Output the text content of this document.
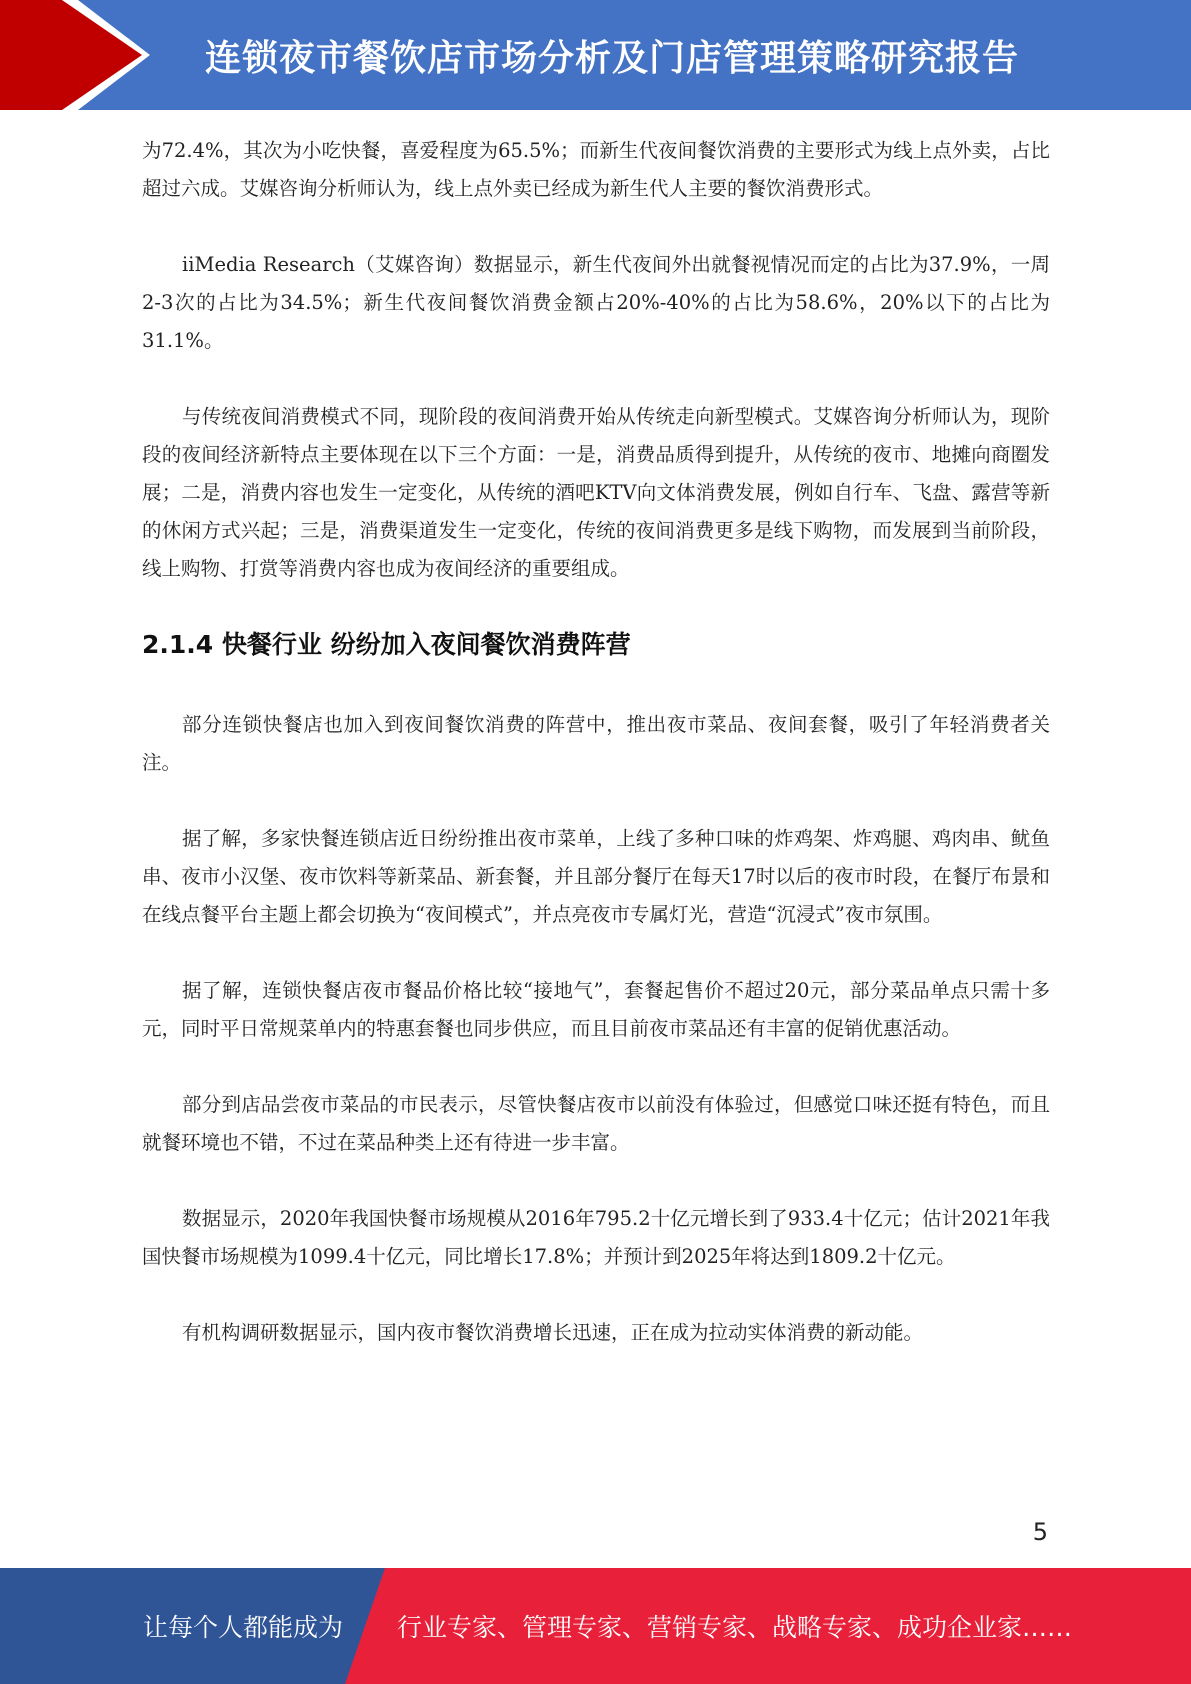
连锁夜市餐饮店市场分析及门店管理策略研究报告

为72.4%，其次为小吃快餐，喜爱程度为65.5%；而新生代夜间餐饮消费的主要形式为线上点外卖，占比超过六成。艾媒咨询分析师认为，线上点外卖已经成为新生代人主要的餐饮消费形式。

iiMedia Research（艾媒咨询）数据显示，新生代夜间外出就餐视情况而定的占比为37.9%，一周2-3次的占比为34.5%；新生代夜间餐饮消费金额占20%-40%的占比为58.6%，20%以下的占比为31.1%。

与传统夜间消费模式不同，现阶段的夜间消费开始从传统走向新型模式。艾媒咨询分析师认为，现阶段的夜间经济新特点主要体现在以下三个方面：一是，消费品质得到提升，从传统的夜市、地摊向商圈发展；二是，消费内容也发生一定变化，从传统的酒吧KTV向文体消费发展，例如自行车、飞盘、露营等新的休闲方式兴起；三是，消费渠道发生一定变化，传统的夜间消费更多是线下购物，而发展到当前阶段，线上购物、打赏等消费内容也成为夜间经济的重要组成。

2.1.4 快餐行业 纷纷加入夜间餐饮消费阵营

部分连锁快餐店也加入到夜间餐饮消费的阵营中，推出夜市菜品、夜间套餐，吸引了年轻消费者关注。

据了解，多家快餐连锁店近日纷纷推出夜市菜单，上线了多种口味的炸鸡架、炸鸡腿、鸡肉串、鱿鱼串、夜市小汉堡、夜市饮料等新菜品、新套餐，并且部分餐厅在每天17时以后的夜市时段，在餐厅布景和在线点餐平台主题上都会切换为“夜间模式”，并点亮夜市专属灯光，营造“沉浸式”夜市氛围。

据了解，连锁快餐店夜市餐品价格比较“接地气”，套餐起售价不超过20元，部分菜品单点只需十多元，同时平日常规菜单内的特惠套餐也同步供应，而且目前夜市菜品还有丰富的促销优惠活动。

部分到店品尝夜市菜品的市民表示，尽管快餐店夜市以前没有体验过，但感觉口味还挺有特色，而且就餐环境也不错，不过在菜品种类上还有待进一步丰富。

数据显示，2020年我国快餐市场规模从2016年795.2十亿元增长到了933.4十亿元；估计2021年我国快餐市场规模为1099.4十亿元，同比增长17.8%；并预计到2025年将达到1809.2十亿元。

有机构调研数据显示，国内夜市餐饮消费增长迅速，正在成为拉动实体消费的新动能。

5
让每个人都能成为 行业专家、管理专家、营销专家、战略专家、成功企业家……
